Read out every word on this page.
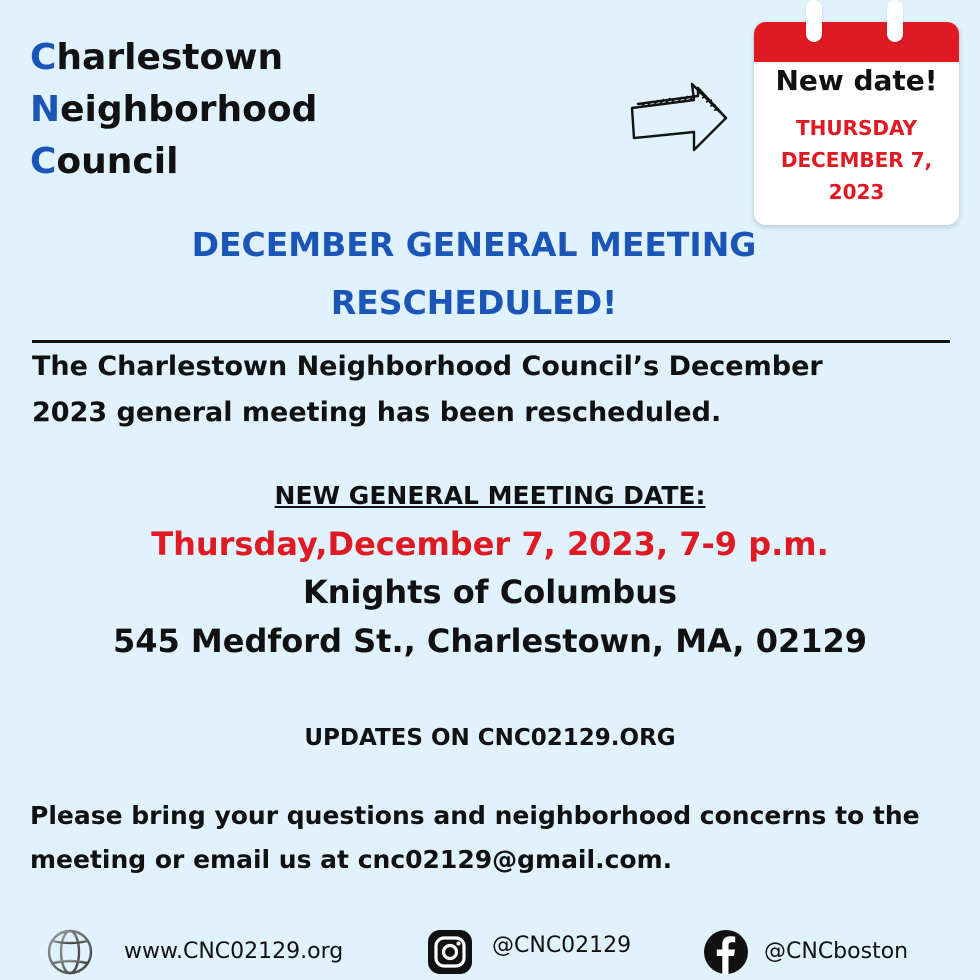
Charlestown
Neighborhood
Council
New date!
THURSDAY
DECEMBER 7,
2023
DECEMBER GENERAL MEETING
RESCHEDULED!
The Charlestown Neighborhood Council’s December
2023 general meeting has been rescheduled.
NEW GENERAL MEETING DATE:
Thursday,December 7, 2023, 7-9 p.m.
Knights of Columbus
545 Medford St., Charlestown, MA, 02129
UPDATES ON CNC02129.ORG
Please bring your questions and neighborhood concerns to the
meeting or email us at cnc02129@gmail.com.
www.CNC02129.org	@CNC02129	@CNCboston
